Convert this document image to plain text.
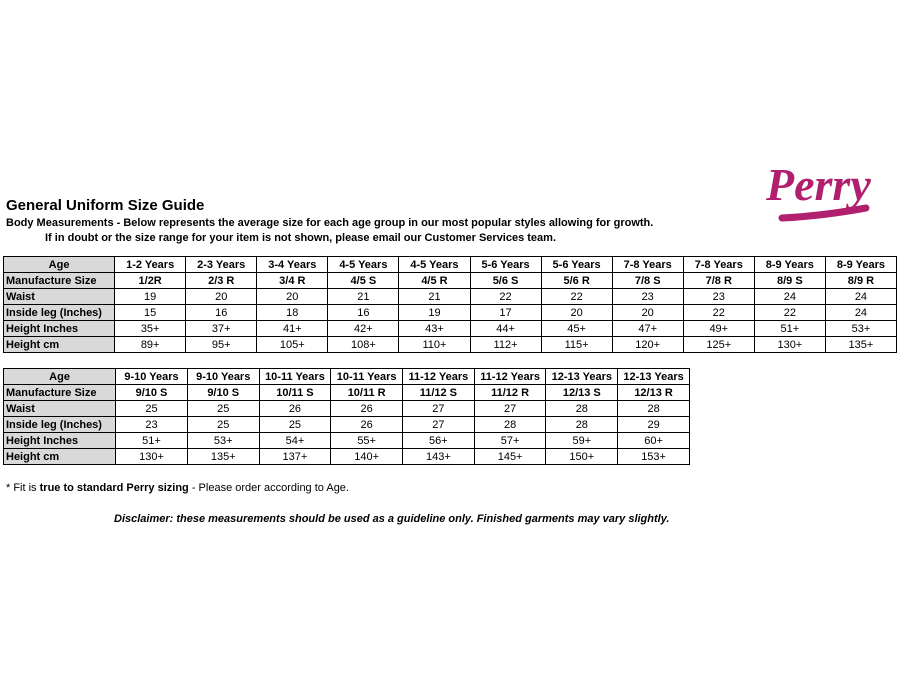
Perry
General Uniform Size Guide

Body Measurements - Below represents the average size for each age group in our most popular styles allowing for growth.

If in doubt or the size range for your item is not shown, please email our Customer Services team.

Age	1-2 Years	2-3 Years	3-4 Years	4-5 Years	4-5 Years	5-6 Years	5-6 Years	7-8 Years	7-8 Years	8-9 Years	8-9 Years
Manufacture Size	1/2R	2/3 R	3/4 R	4/5 S	4/5 R	5/6 S	5/6 R	7/8 S	7/8 R	8/9 S	8/9 R
Waist	19	20	20	21	21	22	22	23	23	24	24
Inside leg (Inches)	15	16	18	16	19	17	20	20	22	22	24
Height Inches	35+	37+	41+	42+	43+	44+	45+	47+	49+	51+	53+
Height cm	89+	95+	105+	108+	110+	112+	115+	120+	125+	130+	135+
Age	9-10 Years	9-10 Years	10-11 Years	10-11 Years	11-12 Years	11-12 Years	12-13 Years	12-13 Years
Manufacture Size	9/10 S	9/10 S	10/11 S	10/11 R	11/12 S	11/12 R	12/13 S	12/13 R
Waist	25	25	26	26	27	27	28	28
Inside leg (Inches)	23	25	25	26	27	28	28	29
Height Inches	51+	53+	54+	55+	56+	57+	59+	60+
Height cm	130+	135+	137+	140+	143+	145+	150+	153+
* Fit is true to standard Perry sizing - Please order according to Age.
Disclaimer: these measurements should be used as a guideline only. Finished garments may vary slightly.
